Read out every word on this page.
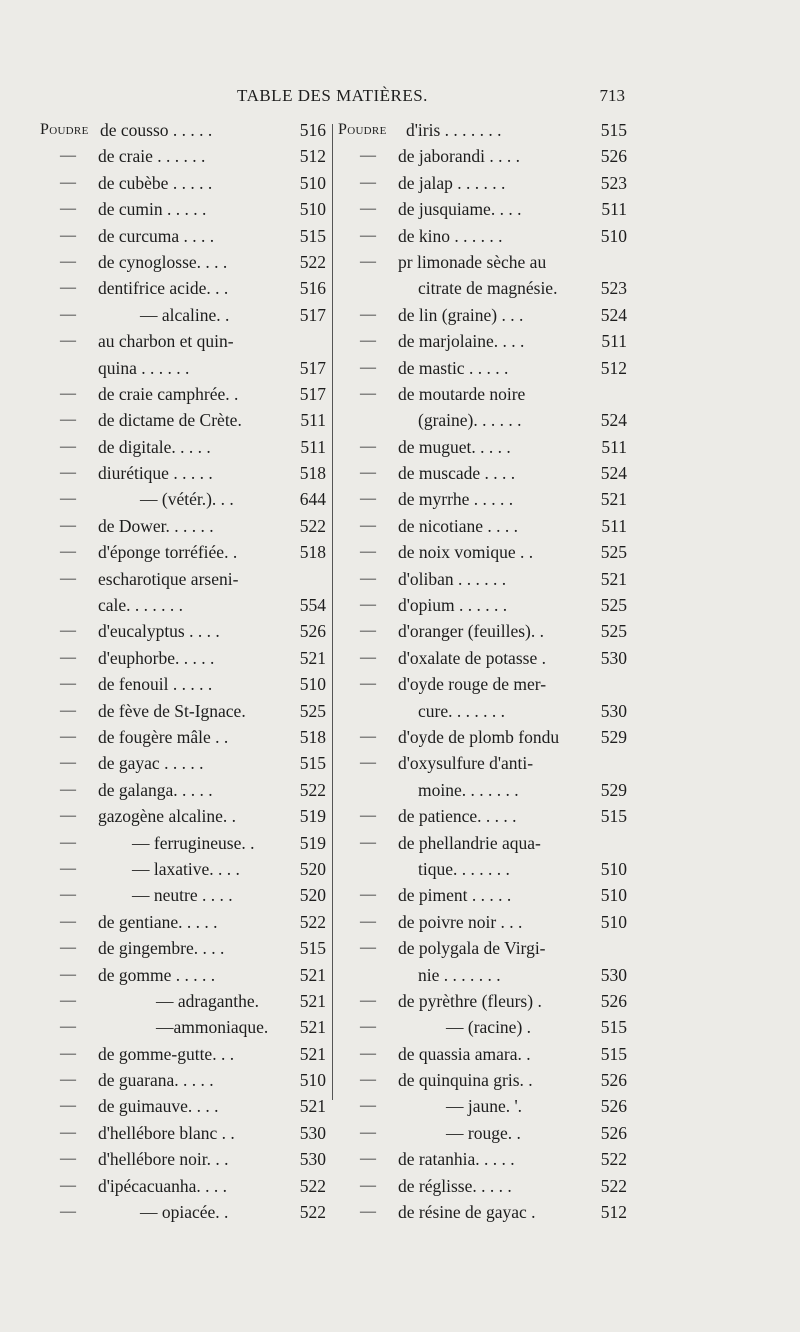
TABLE DES MATIÈRES.	713
Poudre de cousso . . . . .	516
— de craie . . . . . .	512
— de cubèbe . . . . .	510
— de cumin . . . . .	510
— de curcuma . . . .	515
— de cynoglosse. . . .	522
— dentifrice acide. . .	516
—	— alcaline. .	517
— au charbon et quin-
quina . . . . . .	517
— de craie camphrée. .	517
— de dictame de Crète.	511
— de digitale. . . . .	511
— diurétique . . . . .	518
—	— (vétér.). . .	644
— de Dower. . . . . .	522
— d'éponge torréfiée. .	518
— escharotique arseni-
cale. . . . . . .	554
— d'eucalyptus . . . .	526
— d'euphorbe. . . . .	521
— de fenouil . . . . .	510
— de fève de St-Ignace.	525
— de fougère mâle . .	518
— de gayac . . . . .	515
— de galanga. . . . .	522
— gazogène alcaline. .	519
—	— ferrugineuse. .	519
—	— laxative. . . .	520
—	— neutre . . . .	520
— de gentiane. . . . .	522
— de gingembre. . . .	515
— de gomme . . . . .	521
—	— adraganthe.	521
—	—ammoniaque.	521
— de gomme-gutte. . .	521
— de guarana. . . . .	510
— de guimauve. . . .	521
— d'hellébore blanc . .	530
— d'hellébore noir. . .	530
— d'ipécacuanha. . . .	522
—	— opiacée. .	522
Poudre d'iris . . . . . . .	515
— de jaborandi . . . .	526
— de jalap . . . . . .	523
— de jusquiame. . . .	511
— de kino . . . . . .	510
— pr limonade sèche au
citrate de magnésie.	523
— de lin (graine) . . .	524
— de marjolaine. . . .	511
— de mastic . . . . .	512
— de moutarde noire
(graine). . . . . .	524
— de muguet. . . . .	511
— de muscade . . . .	524
— de myrrhe . . . . .	521
— de nicotiane . . . .	511
— de noix vomique . .	525
— d'oliban . . . . . .	521
— d'opium . . . . . .	525
— d'oranger (feuilles). .	525
— d'oxalate de potasse .	530
— d'oyde rouge de mer-
cure. . . . . . .	530
— d'oyde de plomb fondu	529
— d'oxysulfure d'anti-
moine. . . . . . .	529
— de patience. . . . .	515
— de phellandrie aqua-
tique. . . . . . .	510
— de piment . . . . .	510
— de poivre noir . . .	510
— de polygala de Virgi-
nie . . . . . . .	530
— de pyrèthre (fleurs) .	526
—	— (racine) .	515
— de quassia amara. .	515
— de quinquina gris. .	526
—	— jaune. '.	526
—	— rouge. .	526
— de ratanhia. . . . .	522
— de réglisse. . . . .	522
— de résine de gayac .	512
